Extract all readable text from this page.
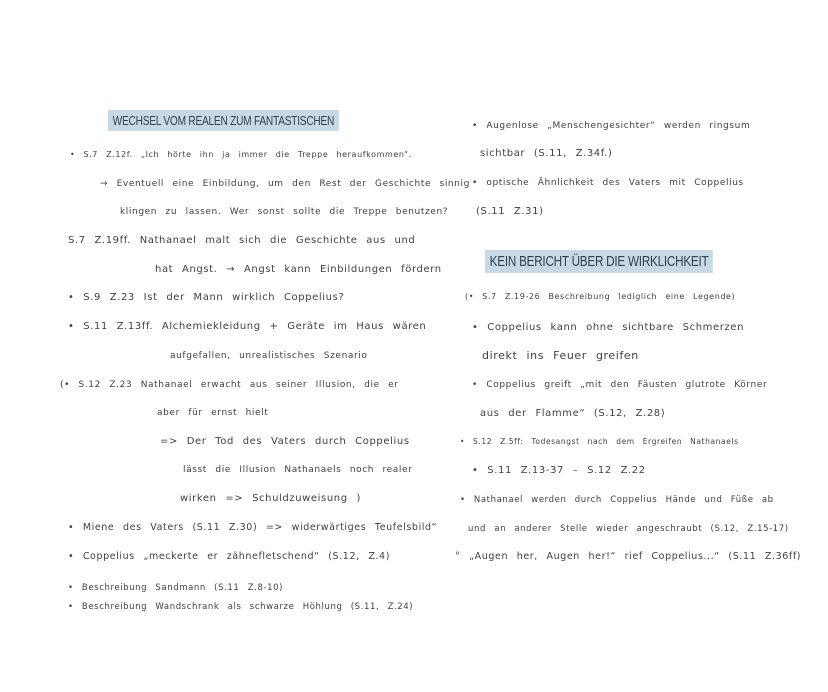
WECHSEL VOM REALEN ZUM FANTASTISCHEN
• S.7 Z.12f. „Ich hörte ihn ja immer die Treppe heraufkommen“.
→ Eventuell eine Einbildung, um den Rest der Geschichte sinnig
klingen zu lassen. Wer sonst sollte die Treppe benutzen?
S.7 Z.19ff. Nathanael malt sich die Geschichte aus und
hat Angst. → Angst kann Einbildungen fördern
• S.9 Z.23 Ist der Mann wirklich Coppelius?
• S.11 Z.13ff. Alchemiekleidung + Geräte im Haus wären
aufgefallen, unrealistisches Szenario
(• S.12 Z.23 Nathanael erwacht aus seiner Illusion, die er
aber für ernst hielt
=> Der Tod des Vaters durch Coppelius
lässt die Illusion Nathanaels noch realer
wirken => Schuldzuweisung )
• Miene des Vaters (S.11 Z.30) => widerwärtiges Teufelsbild“
• Coppelius „meckerte er zähnefletschend“ (S.12, Z.4)
• Beschreibung Sandmann (S.11 Z.8-10)
• Beschreibung Wandschrank als schwarze Höhlung (S.11, Z.24)
• Augenlose „Menschengesichter“ werden ringsum
sichtbar (S.11, Z.34f.)
• optische Ähnlichkeit des Vaters mit Coppelius
(S.11 Z.31)
KEIN BERICHT ÜBER DIE WIRKLICHKEIT
(• S.7 Z.19-26 Beschreibung lediglich eine Legende)
• Coppelius kann ohne sichtbare Schmerzen
direkt ins Feuer greifen
• Coppelius greift „mit den Fäusten glutrote Körner
aus der Flamme“ (S.12, Z.28)
• S.12 Z.5ff: Todesangst nach dem Ergreifen Nathanaels
• S.11 Z.13-37 – S.12 Z.22
• Nathanael werden durch Coppelius Hände und Füße ab
und an anderer Stelle wieder angeschraubt (S.12, Z.15-17)
° „Augen her, Augen her!“ rief Coppelius...“ (S.11 Z.36ff)
